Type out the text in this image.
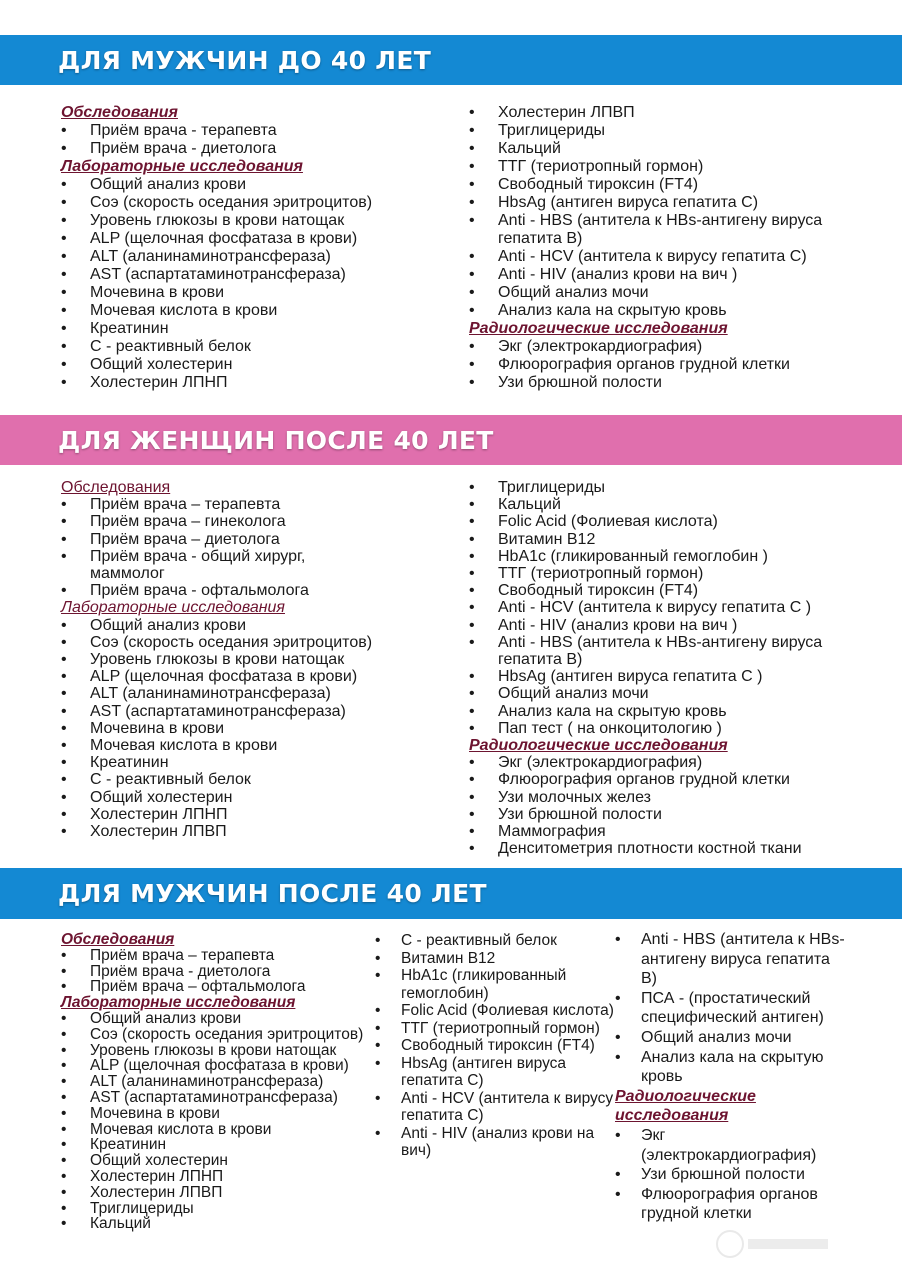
ДЛЯ МУЖЧИН ДО 40 ЛЕТ
Обследования
• Приём врача - терапевта
• Приём врача - диетолога
Лабораторные исследования
• Общий анализ крови
• Соэ (скорость оседания эритроцитов)
• Уровень глюкозы в крови натощак
• ALP (щелочная фосфатаза в крови)
• ALT (аланинаминотрансфераза)
• AST (аспартатаминотрансфераза)
• Мочевина в крови
• Мочевая кислота в крови
• Креатинин
• С - реактивный белок
• Общий холестерин
• Холестерин ЛПНП
• Холестерин ЛПВП
• Триглицериды
• Кальций
• ТТГ (териотропный гормон)
• Свободный тироксин (FT4)
• HbsAg (антиген вируса гепатита С)
• Anti - HBS (антитела к HBs-антигену вируса гепатита В)
• Anti - HCV (антитела к вирусу гепатита С)
• Anti - HIV (анализ крови на вич )
• Общий анализ мочи
• Анализ кала на скрытую кровь
Радиологические исследования
• Экг (электрокардиография)
• Флюорография органов грудной клетки
• Узи брюшной полости
ДЛЯ ЖЕНЩИН ПОСЛЕ 40 ЛЕТ
Обследования
• Приём врача – терапевта
• Приём врача – гинеколога
• Приём врача – диетолога
• Приём врача - общий хирург, маммолог
• Приём врача - офтальмолога
Лабораторные исследования
• Общий анализ крови
• Соэ (скорость оседания эритроцитов)
• Уровень глюкозы в крови натощак
• ALP (щелочная фосфатаза в крови)
• ALT (аланинаминотрансфераза)
• AST (аспартатаминотрансфераза)
• Мочевина в крови
• Мочевая кислота в крови
• Креатинин
• С - реактивный белок
• Общий холестерин
• Холестерин ЛПНП
• Холестерин ЛПВП
• Триглицериды
• Кальций
• Folic Acid (Фолиевая кислота)
• Витамин В12
• HbA1c (гликированный гемоглобин )
• ТТГ (териотропный гормон)
• Свободный тироксин (FT4)
• Anti - HCV (антитела к вирусу гепатита С )
• Anti - HIV (анализ крови на вич )
• Anti - HBS (антитела к HBs-антигену вируса гепатита В)
• HbsAg (антиген вируса гепатита С )
• Общий анализ мочи
• Анализ кала на скрытую кровь
• Пап тест ( на онкоцитологию )
Радиологические исследования
• Экг (электрокардиография)
• Флюорография органов грудной клетки
• Узи молочных желез
• Узи брюшной полости
• Маммография
• Денситометрия плотности костной ткани
ДЛЯ МУЖЧИН ПОСЛЕ 40 ЛЕТ
Обследования
• Приём врача – терапевта
• Приём врача - диетолога
• Приём врача – офтальмолога
Лабораторные исследования
• Общий анализ крови
• Соэ (скорость оседания эритроцитов)
• Уровень глюкозы в крови натощак
• ALP (щелочная фосфатаза в крови)
• ALT (аланинаминотрансфераза)
• AST (аспартатаминотрансфераза)
• Мочевина в крови
• Мочевая кислота в крови
• Креатинин
• Общий холестерин
• Холестерин ЛПНП
• Холестерин ЛПВП
• Триглицериды
• Кальций
• С - реактивный белок
• Витамин В12
• HbA1c (гликированный гемоглобин)
• Folic Acid (Фолиевая кислота)
• ТТГ (териотропный гормон)
• Свободный тироксин (FT4)
• HbsAg (антиген вируса гепатита С)
• Anti - HCV (антитела к вирусу гепатита С)
• Anti - HIV (анализ крови на вич)
• Anti - HBS (антитела к HBs-антигену вируса гепатита В)
• ПСА - (простатический специфический антиген)
• Общий анализ мочи
• Анализ кала на скрытую кровь
Радиологические исследования
• Экг (электрокардиография)
• Узи брюшной полости
• Флюорография органов грудной клетки
